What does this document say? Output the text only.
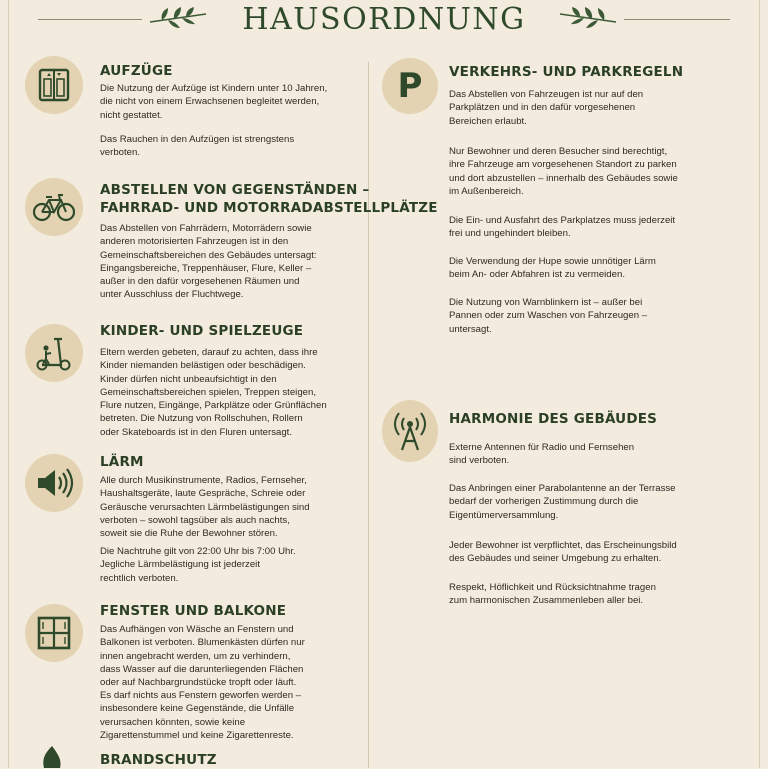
HAUSORDNUNG
AUFZÜGE
Die Nutzung der Aufzüge ist Kindern unter 10 Jahren,
die nicht von einem Erwachsenen begleitet werden,
nicht gestattet.
Das Rauchen in den Aufzügen ist strengstens
verboten.
ABSTELLEN VON GEGENSTÄNDEN –
FAHRRAD- UND MOTORRADABSTELLPLÄTZE
Das Abstellen von Fahrrädern, Motorrädern sowie
anderen motorisierten Fahrzeugen ist in den
Gemeinschaftsbereichen des Gebäudes untersagt:
Eingangsbereiche, Treppenhäuser, Flure, Keller –
außer in den dafür vorgesehenen Räumen und
unter Ausschluss der Fluchtwege.
KINDER- UND SPIELZEUGE
Eltern werden gebeten, darauf zu achten, dass ihre
Kinder niemanden belästigen oder beschädigen.
Kinder dürfen nicht unbeaufsichtigt in den
Gemeinschaftsbereichen spielen, Treppen steigen,
Flure nutzen, Eingänge, Parkplätze oder Grünflächen
betreten. Die Nutzung von Rollschuhen, Rollern
oder Skateboards ist in den Fluren untersagt.
LÄRM
Alle durch Musikinstrumente, Radios, Fernseher,
Haushaltsgeräte, laute Gespräche, Schreie oder
Geräusche verursachten Lärmbelästigungen sind
verboten – sowohl tagsüber als auch nachts,
soweit sie die Ruhe der Bewohner stören.
Die Nachtruhe gilt von 22:00 Uhr bis 7:00 Uhr.
Jegliche Lärmbelästigung ist jederzeit
rechtlich verboten.
FENSTER UND BALKONE
Das Aufhängen von Wäsche an Fenstern und
Balkonen ist verboten. Blumenkästen dürfen nur
innen angebracht werden, um zu verhindern,
dass Wasser auf die darunterliegenden Flächen
oder auf Nachbargrundstücke tropft oder läuft.
Es darf nichts aus Fenstern geworfen werden –
insbesondere keine Gegenstände, die Unfälle
verursachen könnten, sowie keine
Zigarettenstummel und keine Zigarettenreste.
BRANDSCHUTZ
P VERKEHRS- UND PARKREGELN
Das Abstellen von Fahrzeugen ist nur auf den
Parkplätzen und in den dafür vorgesehenen
Bereichen erlaubt.
Nur Bewohner und deren Besucher sind berechtigt,
ihre Fahrzeuge am vorgesehenen Standort zu parken
und dort abzustellen – innerhalb des Gebäudes sowie
im Außenbereich.
Die Ein- und Ausfahrt des Parkplatzes muss jederzeit
frei und ungehindert bleiben.
Die Verwendung der Hupe sowie unnötiger Lärm
beim An- oder Abfahren ist zu vermeiden.
Die Nutzung von Warnblinkern ist – außer bei
Pannen oder zum Waschen von Fahrzeugen –
untersagt.
HARMONIE DES GEBÄUDES
Externe Antennen für Radio und Fernsehen
sind verboten.
Das Anbringen einer Parabolantenne an der Terrasse
bedarf der vorherigen Zustimmung durch die
Eigentümerversammlung.
Jeder Bewohner ist verpflichtet, das Erscheinungsbild
des Gebäudes und seiner Umgebung zu erhalten.
Respekt, Höflichkeit und Rücksichtnahme tragen
zum harmonischen Zusammenleben aller bei.
